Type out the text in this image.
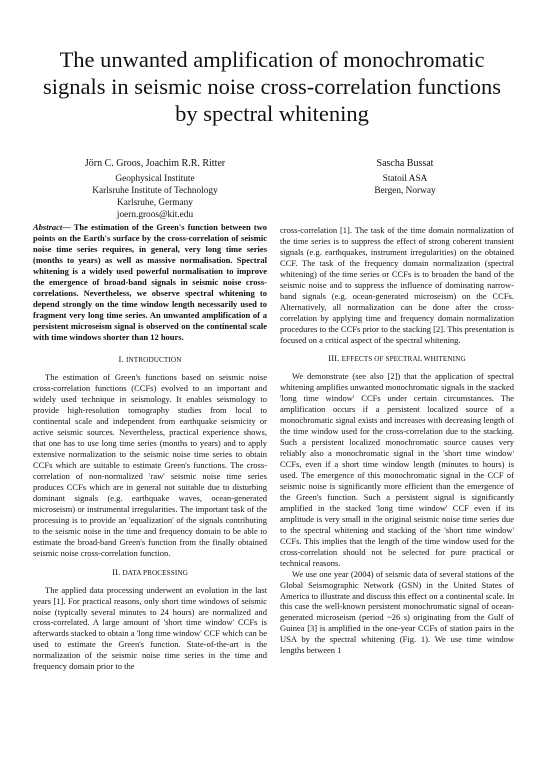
The unwanted amplification of monochromatic signals in seismic noise cross-correlation functions by spectral whitening
Jörn C. Groos, Joachim R.R. Ritter
Geophysical Institute
Karlsruhe Institute of Technology
Karlsruhe, Germany
joern.groos@kit.edu
Sascha Bussat
Statoil ASA
Bergen, Norway

Abstract— The estimation of the Green's function between two points on the Earth's surface by the cross-correlation of seismic noise time series requires, in general, very long time series (months to years) as well as massive normalisation. Spectral whitening is a widely used powerful normalisation to improve the emergence of broad-band signals in seismic noise cross-correlations. Nevertheless, we observe spectral whitening to depend strongly on the time window length necessarily used to fragment very long time series. An unwanted amplification of a persistent microseism signal is observed on the continental scale with time windows shorter than 12 hours.

I. INTRODUCTION

The estimation of Green's functions based on seismic noise cross-correlation functions (CCFs) evolved to an important and widely used technique in seismology. It enables seismology to provide high-resolution tomography studies from local to continental scale and independent from earthquake seismicity or active seismic sources. Nevertheless, practical experience shows, that one has to use long time series (months to years) and to apply extensive normalization to the seismic noise time series to obtain CCFs which are suitable to estimate Green's functions. The cross-correlation of non-normalized 'raw' seismic noise time series produces CCFs which are in general not suitable due to disturbing dominant signals (e.g. earthquake waves, ocean-generated microseism) or instrumental irregularities. The important task of the processing is to provide an 'equalization' of the signals contributing to the seismic noise in the time and frequency domain to be able to estimate the broad-band Green's function from the finally obtained seismic noise cross-correlation function.

II. DATA PROCESSING

The applied data processing underwent an evolution in the last years [1]. For practical reasons, only short time windows of seismic noise (typically several minutes to 24 hours) are normalized and cross-correlated. A large amount of 'short time window' CCFs is afterwards stacked to obtain a 'long time window' CCF which can be used to estimate the Green's function. State-of-the-art is the normalization of the seismic noise time series in the time and frequency domain prior to the

cross-correlation [1]. The task of the time domain normalization of the time series is to suppress the effect of strong coherent transient signals (e.g. earthquakes, instrument irregularities) on the obtained CCF. The task of the frequency domain normalization (spectral whitening) of the time series or CCFs is to broaden the band of the seismic noise and to suppress the influence of dominating narrow-band signals (e.g. ocean-generated microseism) on the CCFs. Alternatively, all normalization can be done after the cross-correlation by applying time and frequency domain normalization procedures to the CCFs prior to the stacking [2]. This presentation is focused on a critical aspect of the spectral whitening.

III. EFFECTS OF SPECTRAL WHITENING

We demonstrate (see also [2]) that the application of spectral whitening amplifies unwanted monochromatic signals in the stacked 'long time window' CCFs under certain circumstances. The amplification occurs if a persistent localized source of a monochromatic signal exists and increases with decreasing length of the time window used for the cross-correlation due to the stacking. Such a persistent localized monochromatic source causes very reliably also a monochromatic signal in the 'short time window' CCFs, even if a short time window length (minutes to hours) is used. The emergence of this monochromatic signal in the CCF of seismic noise is significantly more efficient than the emergence of the Green's function. Such a persistent signal is significantly amplified in the stacked 'long time window' CCF even if its amplitude is very small in the original seismic noise time series due to the spectral whitening and stacking of the 'short time window' CCFs. This implies that the length of the time window used for the cross-correlation should not be selected for pure practical or technical reasons.

We use one year (2004) of seismic data of several stations of the Global Seismographic Network (GSN) in the United States of America to illustrate and discuss this effect on a continental scale. In this case the well-known persistent monochromatic signal of ocean-generated microseism (period ~26 s) originating from the Gulf of Guinea [3] is amplified in the one-year CCFs of station pairs in the USA by the spectral whitening (Fig. 1). We use time window lengths between 1
